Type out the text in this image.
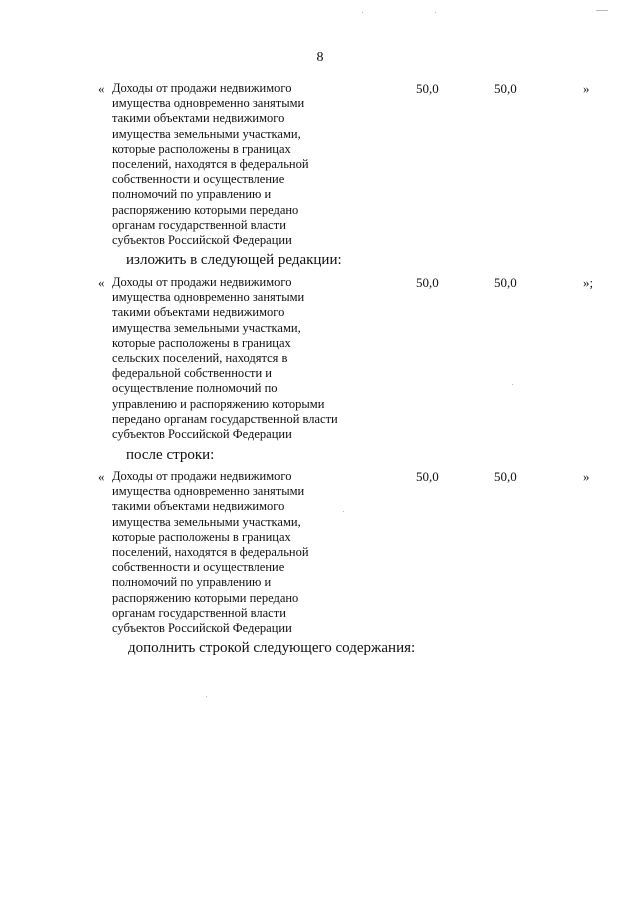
8
« Доходы от продажи недвижимого
имущества одновременно занятыми
такими объектами недвижимого
имущества земельными участками,
которые расположены в границах
поселений, находятся в федеральной
собственности и осуществление
полномочий по управлению и
распоряжению которыми передано
органам государственной власти
субъектов Российской Федерации
50,0	50,0	»
изложить в следующей редакции:
« Доходы от продажи недвижимого
имущества одновременно занятыми
такими объектами недвижимого
имущества земельными участками,
которые расположены в границах
сельских поселений, находятся в
федеральной собственности и
осуществление полномочий по
управлению и распоряжению которыми
передано органам государственной власти
субъектов Российской Федерации
50,0	50,0	»;
после строки:
« Доходы от продажи недвижимого
имущества одновременно занятыми
такими объектами недвижимого
имущества земельными участками,
которые расположены в границах
поселений, находятся в федеральной
собственности и осуществление
полномочий по управлению и
распоряжению которыми передано
органам государственной власти
субъектов Российской Федерации
50,0	50,0	»
дополнить строкой следующего содержания:
